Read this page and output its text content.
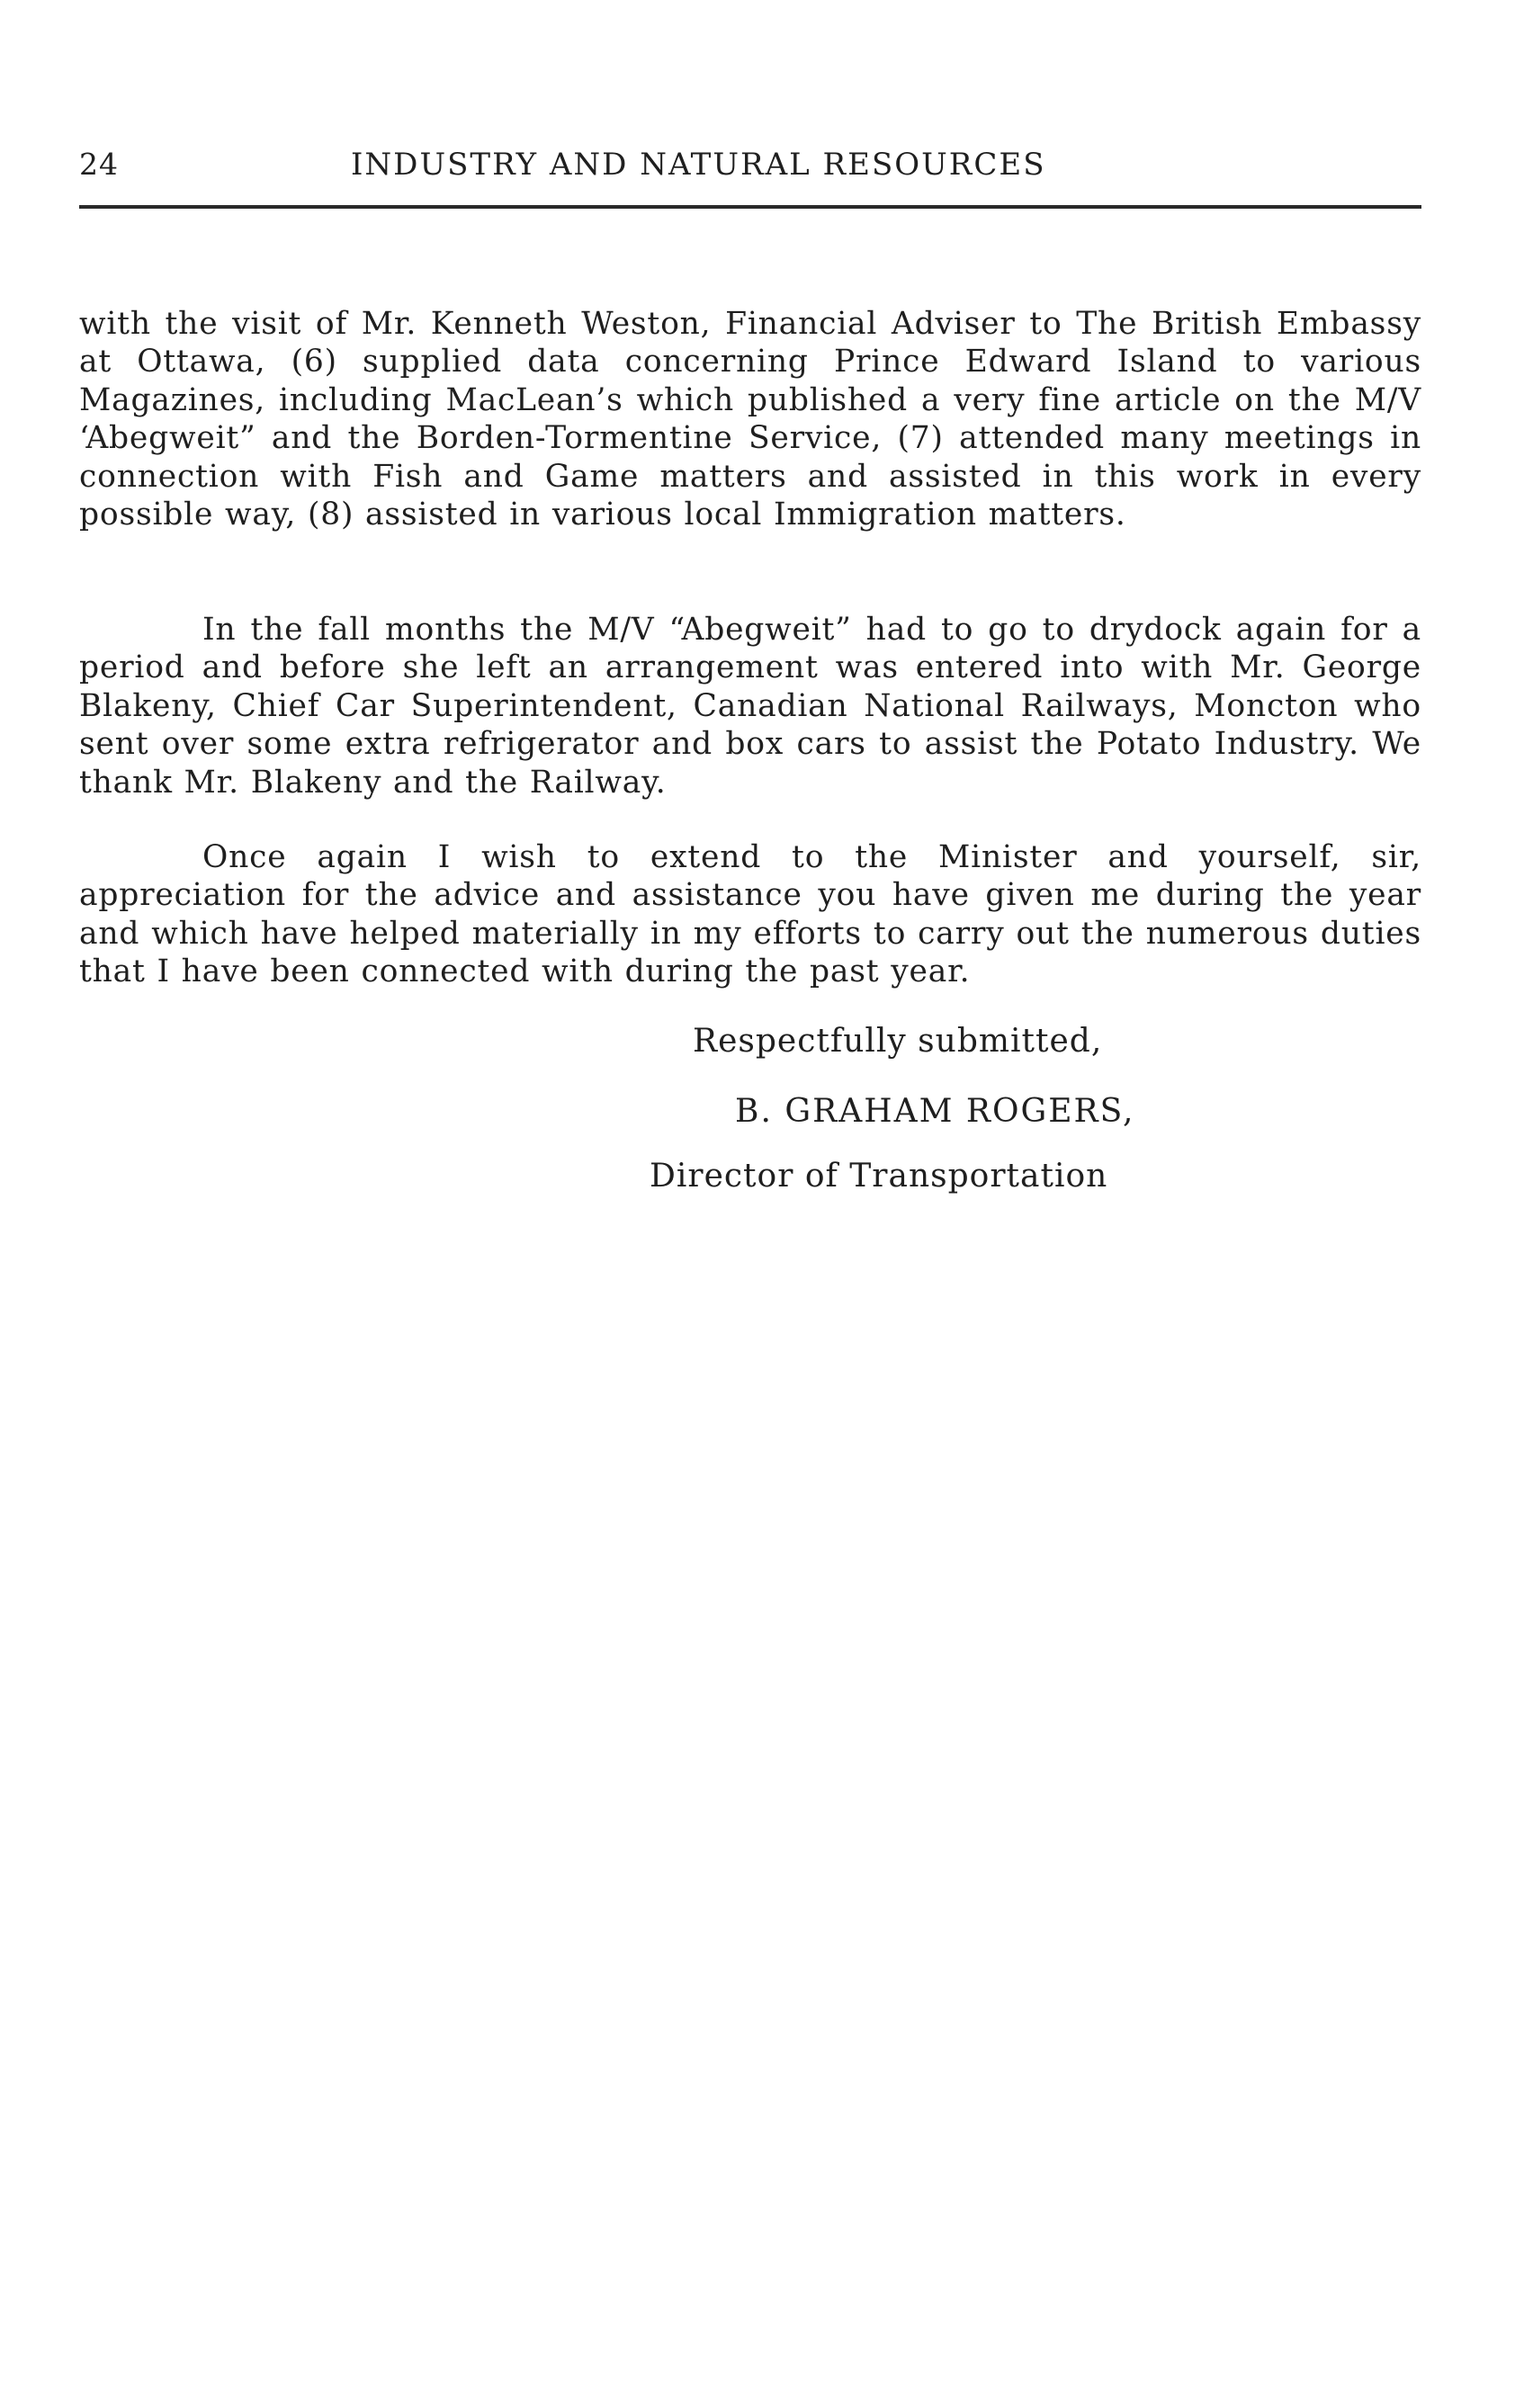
24	INDUSTRY AND NATURAL RESOURCES

with the visit of Mr. Kenneth Weston, Financial Adviser to The British Embassy at Ottawa, (6) supplied data concerning Prince Edward Island to various Magazines, including MacLean’s which published a very fine article on the M/V ‘Abegweit” and the Borden-Tormentine Service, (7) attended many meetings in connection with Fish and Game matters and assisted in this work in every possible way, (8) assisted in various local Immigration matters.

In the fall months the M/V “Abegweit” had to go to drydock again for a period and before she left an arrangement was entered into with Mr. George Blakeny, Chief Car Superintendent, Canadian National Railways, Moncton who sent over some extra refrigerator and box cars to assist the Potato Industry. We thank Mr. Blakeny and the Railway.

Once again I wish to extend to the Minister and yourself, sir, appreciation for the advice and assistance you have given me during the year and which have helped materially in my efforts to carry out the numerous duties that I have been connected with during the past year.

Respectfully submitted,
B. GRAHAM ROGERS,
Director of Transportation
